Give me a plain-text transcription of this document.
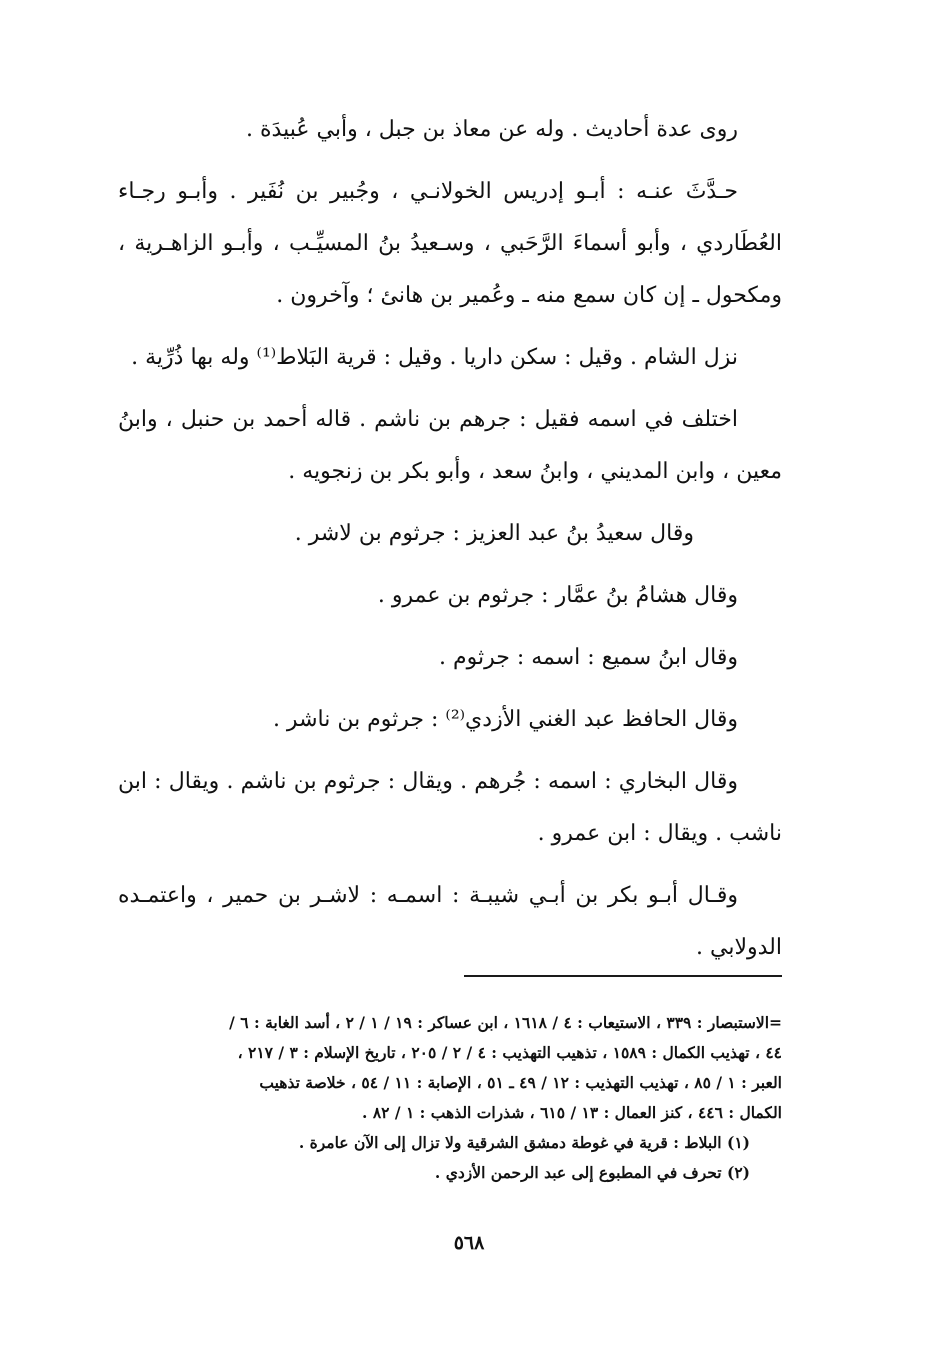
روى عدة أحاديث . وله عن معاذ بن جبل ، وأبي عُبيدَة .

حـدَّثَ عنـه : أبـو إدريس الخولانـي ، وجُبير بن نُفَير . وأبـو رجـاء العُطَاردي ، وأبو أسماءَ الرَّحَبي ، وسـعيدُ بنُ المسيِّـب ، وأبـو الزاهـرية ، ومكحول ـ إن كان سمع منه ـ وعُمير بن هانئ ؛ وآخرون .

نزل الشام . وقيل : سكن داريا . وقيل : قرية البَلاط⁽¹⁾ وله بها ذُرِّية .

اختلف في اسمه فقيل : جرهم بن ناشم . قاله أحمد بن حنبل ، وابنُ معين ، وابن المديني ، وابنُ سعد ، وأبو بكر بن زنجويه .

وقال سعيدُ بنُ عبد العزيز : جرثوم بن لاشر .

وقال هشامُ بنُ عمَّار : جرثوم بن عمرو .

وقال ابنُ سميع : اسمه : جرثوم .

وقال الحافظ عبد الغني الأزدي⁽²⁾ : جرثوم بن ناشر .

وقال البخاري : اسمه : جُرهم . ويقال : جرثوم بن ناشم . ويقال : ابن ناشب . ويقال : ابن عمرو .

وقـال أبـو بكر بن أبـي شيبـة : اسمـه : لاشـر بن حمير ، واعتمـده الدولابي .

=الاستبصار : ٣٣٩ ، الاستيعاب : ٤ / ١٦١٨ ، ابن عساكر : ١٩ / ١ / ٢ ، أسد الغابة : ٦ /

٤٤ ، تهذيب الكمال : ١٥٨٩ ، تذهيب التهذيب : ٤ / ٢ / ٢٠٥ ، تاريخ الإسلام : ٣ / ٢١٧ ،

العبر : ١ / ٨٥ ، تهذيب التهذيب : ١٢ / ٤٩ ـ ٥١ ، الإصابة : ١١ / ٥٤ ، خلاصة تذهيب

الكمال : ٤٤٦ ، كنز العمال : ١٣ / ٦١٥ ، شذرات الذهب : ١ / ٨٢ .

(١) البلاط : قرية في غوطة دمشق الشرقية ولا تزال إلى الآن عامرة .

(٢) تحرف في المطبوع إلى عبد الرحمن الأزدي .

٥٦٨
